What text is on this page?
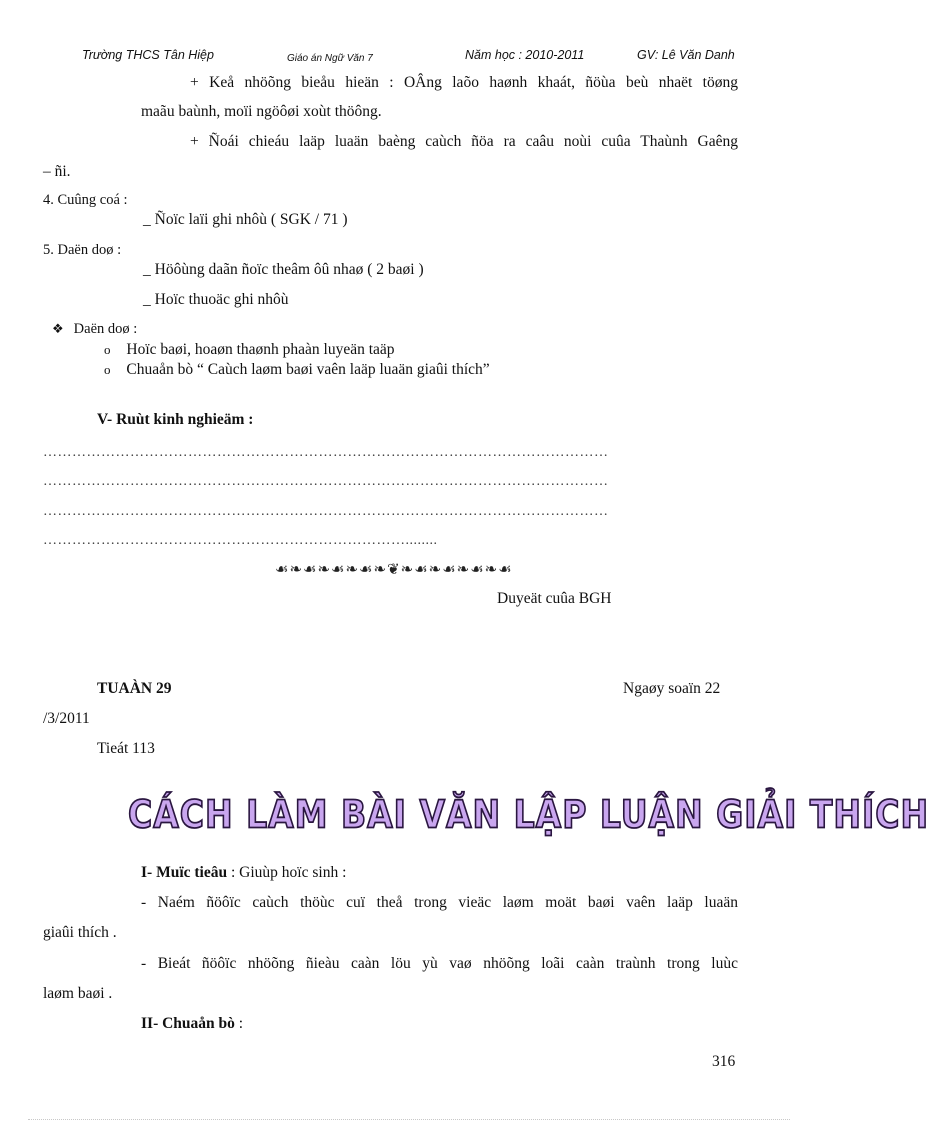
Trường THCS Tân Hiệp	Giáo án Ngữ Văn 7	Năm học : 2010-2011	GV: Lê Văn Danh
+ Keå nhöõng bieåu hieän : OÂng laõo haønh khaát, ñöùa beù nhaët töøng
maãu baùnh, moïi ngöôøi xoùt thöông.
+ Ñoái chieáu laäp luaän baèng caùch ñöa ra caâu noùi cuûa Thaùnh Gaêng
– ñi.
4. Cuûng coá :
_ Ñoïc laïi ghi nhôù ( SGK / 71 )
5. Daën doø :
_ Höôùng daãn ñoïc theâm ôû nhaø ( 2 baøi )
_ Hoïc thuoäc ghi nhôù
❖ Daën doø :
o Hoïc baøi, hoaøn thaønh phaàn luyeän taäp
o Chuaån bò “ Caùch laøm baøi vaên laäp luaän giaûi thích”
V- Ruùt kinh nghieäm :
………………………………………………………………………………………………………
………………………………………………………………………………………………………
………………………………………………………………………………………………………
…………………………………………………………………........
☙❧☙❧☙❧☙❧❦❧☙❧☙❧☙❧☙
Duyeät cuûa BGH
TUAÀN 29	Ngaøy soaïn 22
/3/2011
Tieát 113
CÁCH LÀM BÀI VĂN LẬP LUẬN GIẢI THÍCH
I- Muïc tieâu : Giuùp hoïc sinh :
- Naém ñöôïc caùch thöùc cuï theå trong vieäc laøm moät baøi vaên laäp luaän
giaûi thích .
- Bieát ñöôïc nhöõng ñieàu caàn löu yù vaø nhöõng loãi caàn traùnh trong luùc
laøm baøi .
II- Chuaån bò :
316
